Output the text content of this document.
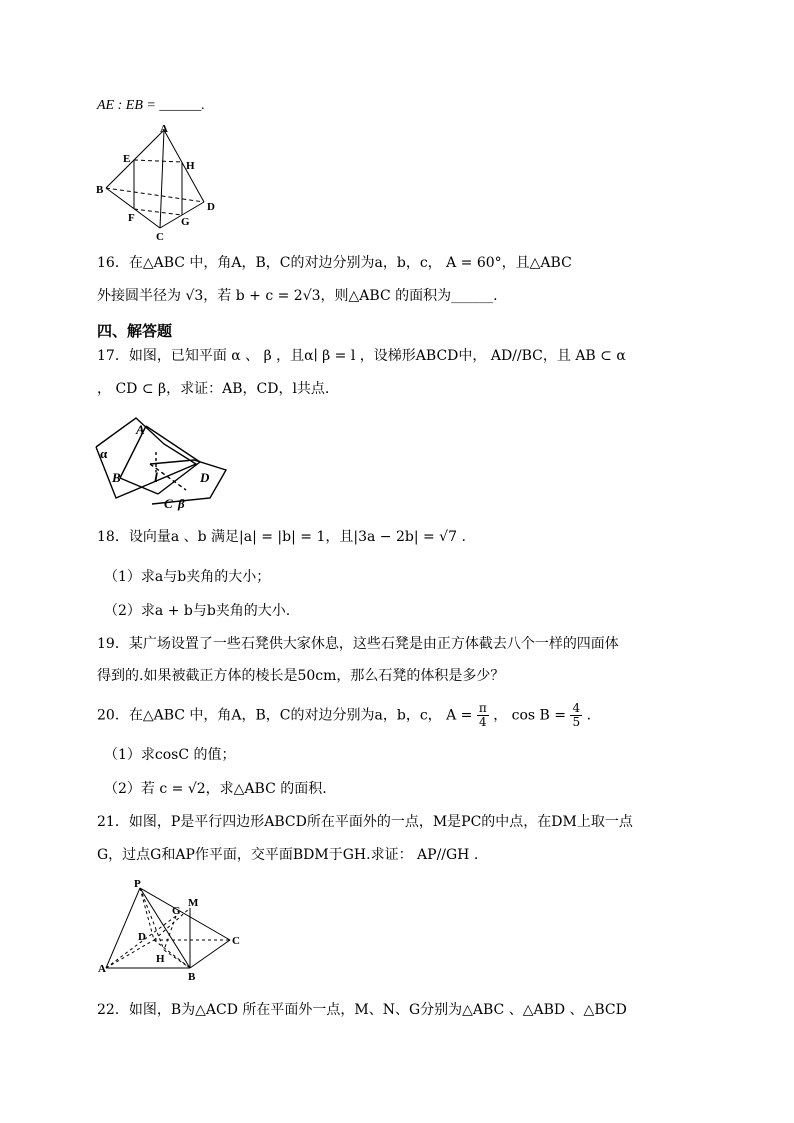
AE : EB = ______.
A
E
H
B
D
F	G
C
16．在△ABC 中，角A，B，C的对边分别为a，b，c， A = 60°，且△ABC
外接圆半径为 √3，若 b + c = 2√3，则△ABC 的面积为______.
四、解答题
17．如图，已知平面 α 、 β ，且α∣ β = l ，设梯形ABCD中， AD//BC，且 AB ⊂ α
， CD ⊂ β，求证：AB，CD，l共点.
α
A
B l	D
C β
18．设向量a 、b 满足|a| = |b| = 1，且|3a − 2b| = √7 .
（1）求a与b夹角的大小；
（2）求a + b与b夹角的大小.
19．某广场设置了一些石凳供大家休息，这些石凳是由正方体截去八个一样的四面体
得到的.如果被截正方体的棱长是50cm，那么石凳的体积是多少？
20．在△ABC 中，角A，B，C的对边分别为a，b，c， $A = \frac{\pi}{4}$ ， $\cos B = \frac{4}{5}$ .
（1）求cosC 的值；
（2）若 c = √2，求△ABC 的面积.
21．如图，P是平行四边形ABCD所在平面外的一点，M是PC的中点，在DM上取一点
G，过点G和AP作平面，交平面BDM于GH.求证： AP//GH .
P
G
M
D	C
H
A
B
22．如图，B为△ACD 所在平面外一点，M、N、G分别为△ABC 、△ABD 、△BCD
